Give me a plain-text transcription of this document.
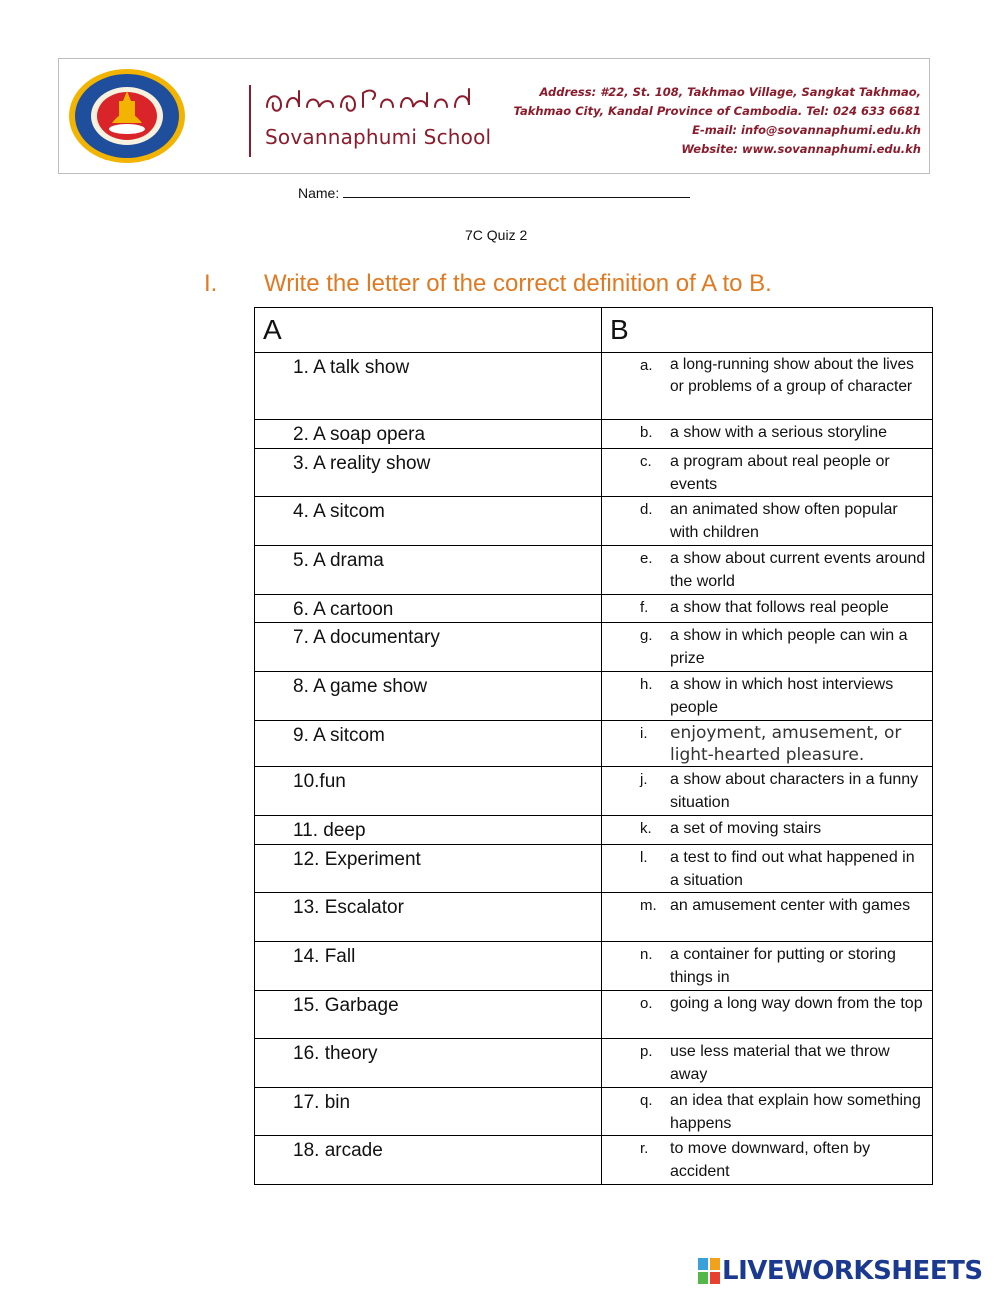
Sovannaphumi School
Address: #22, St. 108, Takhmao Village, Sangkat Takhmao,
Takhmao City, Kandal Province of Cambodia. Tel: 024 633 6681
E-mail: info@sovannaphumi.edu.kh
Website: www.sovannaphumi.edu.kh
Name:
7C Quiz 2
I. Write the letter of the correct definition of A to B.
A	B
1. A talk show	a. a long-running show about the lives or problems of a group of character

2. A soap opera	b. a show with a serious storyline

3. A reality show	c. a program about real people or events

4. A sitcom	d. an animated show often popular with children

5. A drama	e. a show about current events around the world

6. A cartoon	f. a show that follows real people

7. A documentary	g. a show in which people can win a prize

8. A game show	h. a show in which host interviews people

9. A sitcom	i. enjoyment, amusement, or light-hearted pleasure.

10.fun	j. a show about characters in a funny situation

11. deep	k. a set of moving stairs

12. Experiment	l. a test to find out what happened in a situation

13. Escalator	m. an amusement center with games

14. Fall	n. a container for putting or storing things in

15. Garbage	o. going a long way down from the top

16. theory	p. use less material that we throw away

17. bin	q. an idea that explain how something happens

18. arcade	r. to move downward, often by accident
LIVEWORKSHEETS
